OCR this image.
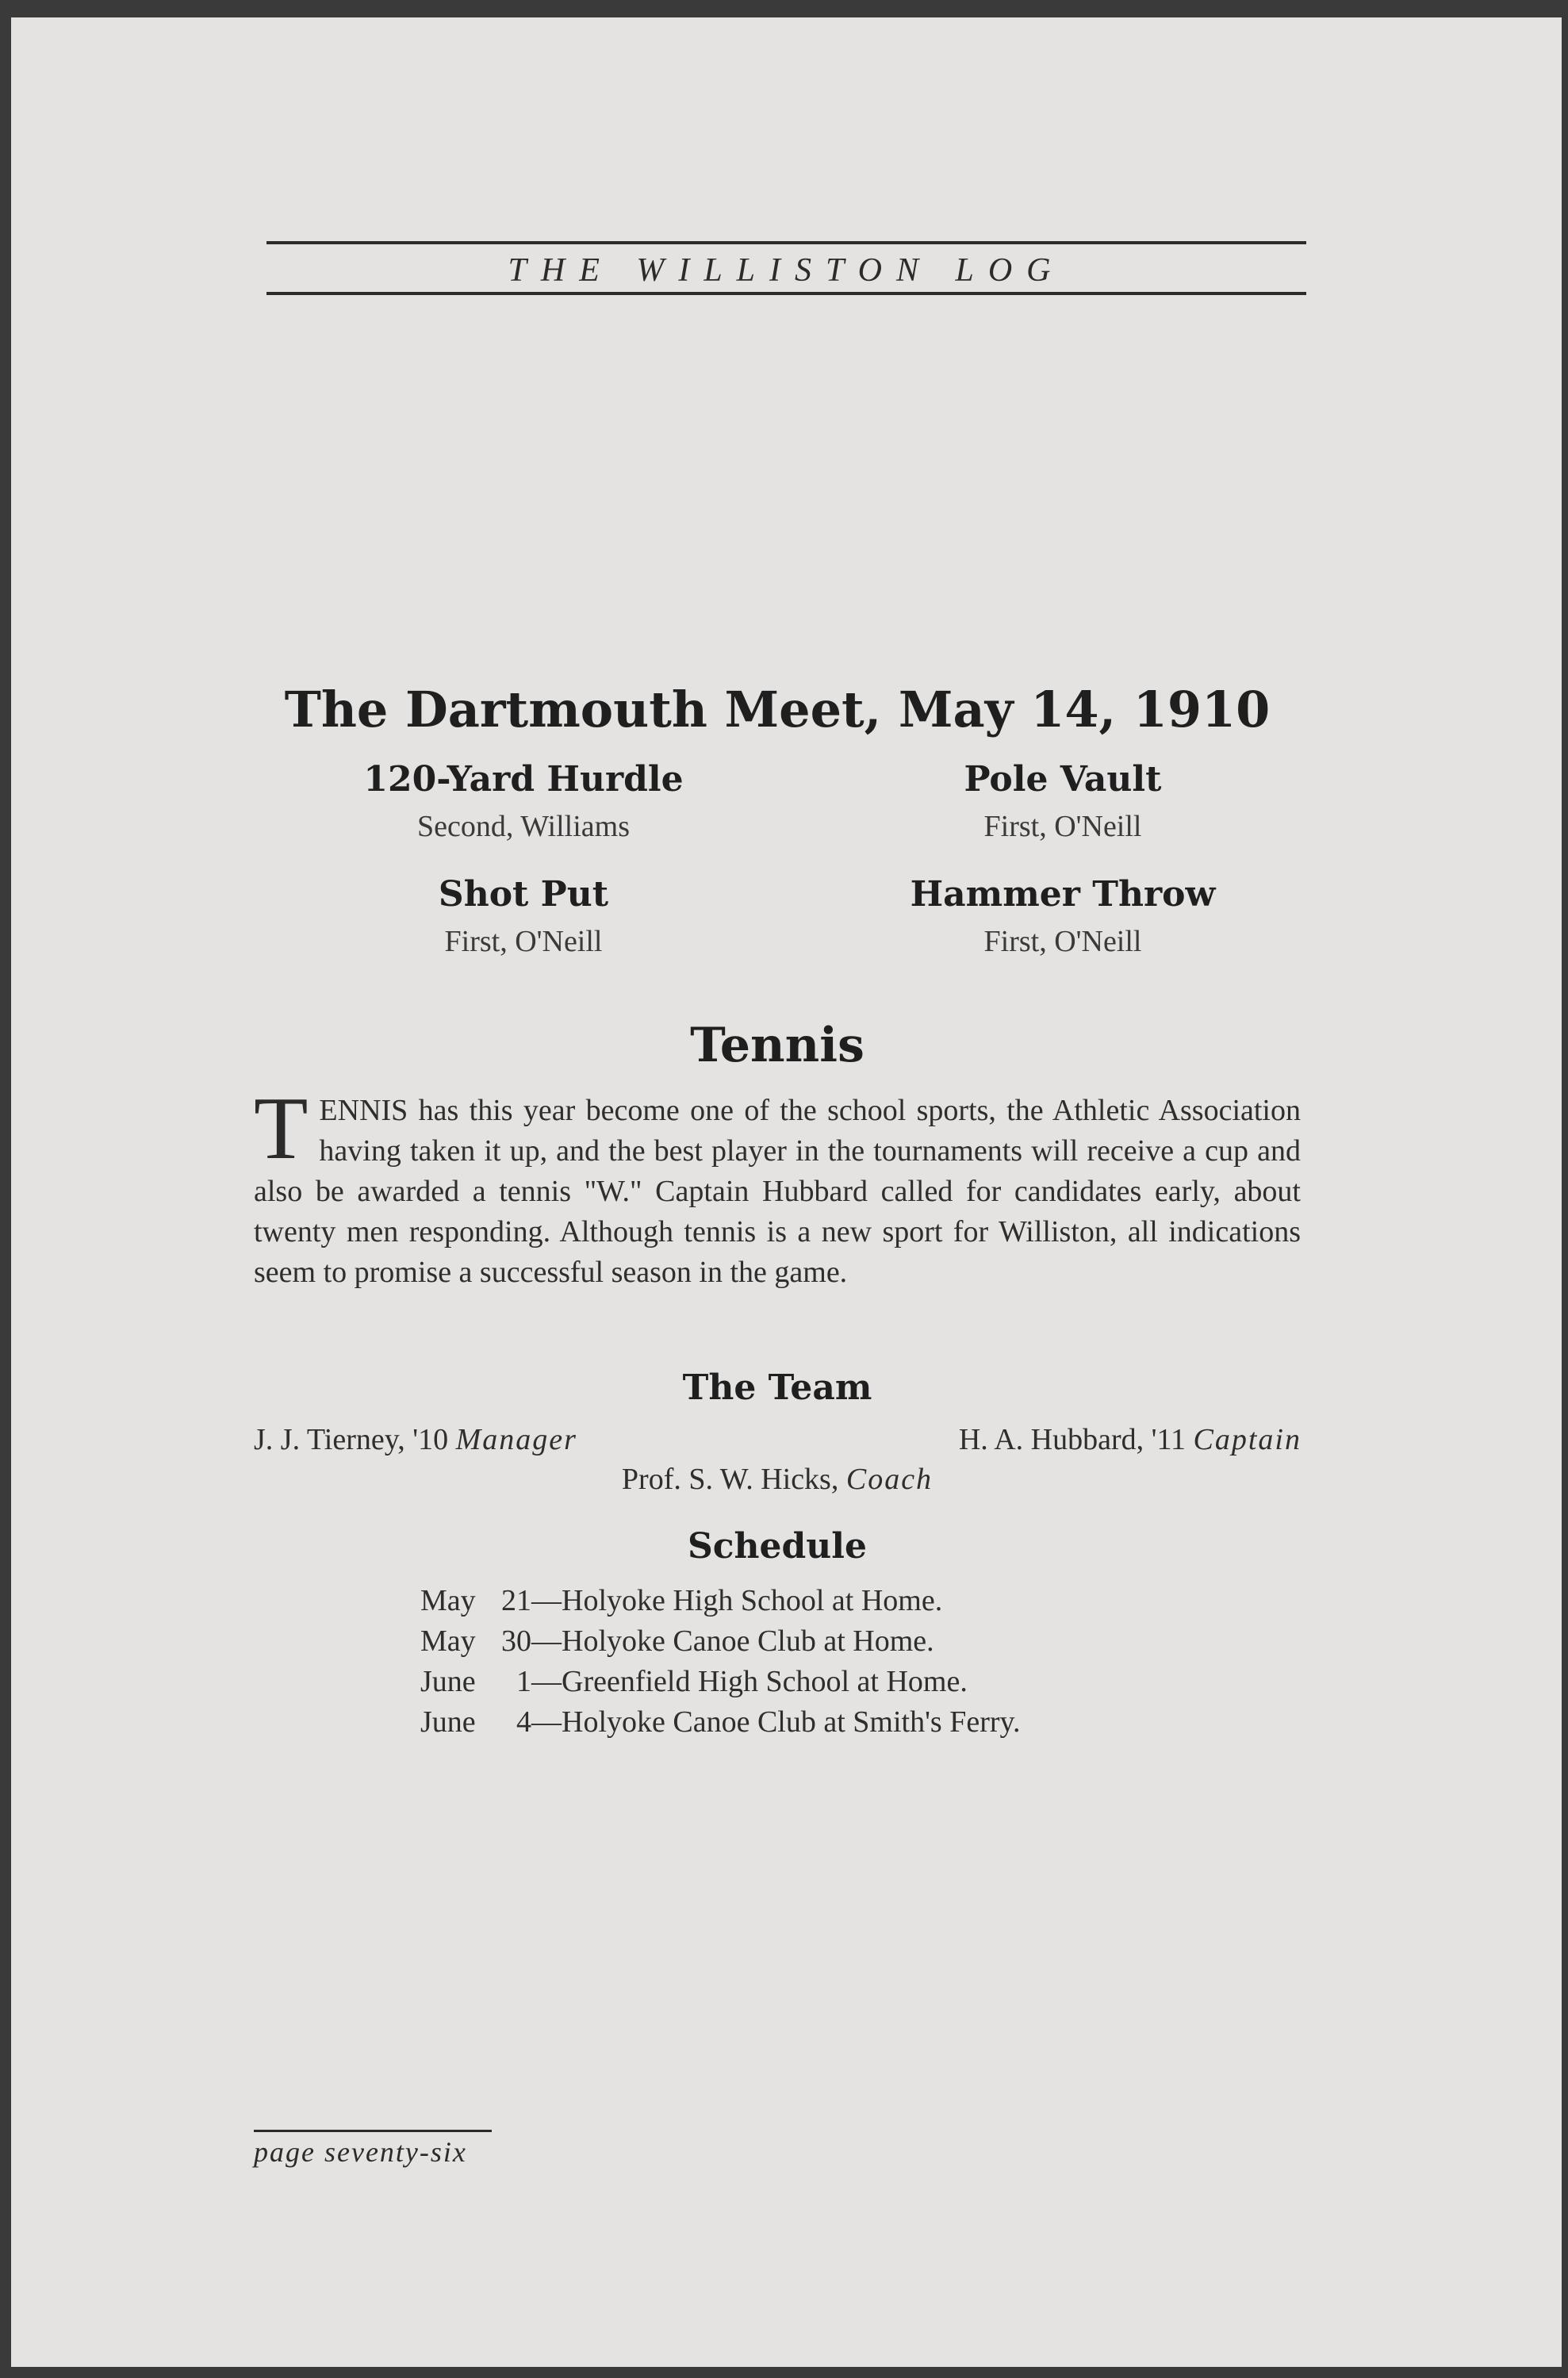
THE WILLISTON LOG
The Dartmouth Meet, May 14, 1910
120-Yard Hurdle
Second, Williams
Pole Vault
First, O'Neill
Shot Put
First, O'Neill
Hammer Throw
First, O'Neill
Tennis
T ENNIS has this year become one of the school sports, the Athletic Association having taken it up, and the best player in the tournaments will receive a cup and also be awarded a tennis "W." Captain Hubbard called for candidates early, about twenty men responding. Although tennis is a new sport for Williston, all indications seem to promise a successful season in the game.
The Team
J. J. Tierney, '10 Manager	H. A. Hubbard, '11 Captain
Prof. S. W. Hicks, Coach
Schedule
May 21 —Holyoke High School at Home.
May 30 —Holyoke Canoe Club at Home.
June	1 —Greenfield High School at Home.
June	4 —Holyoke Canoe Club at Smith's Ferry.
page seventy-six
